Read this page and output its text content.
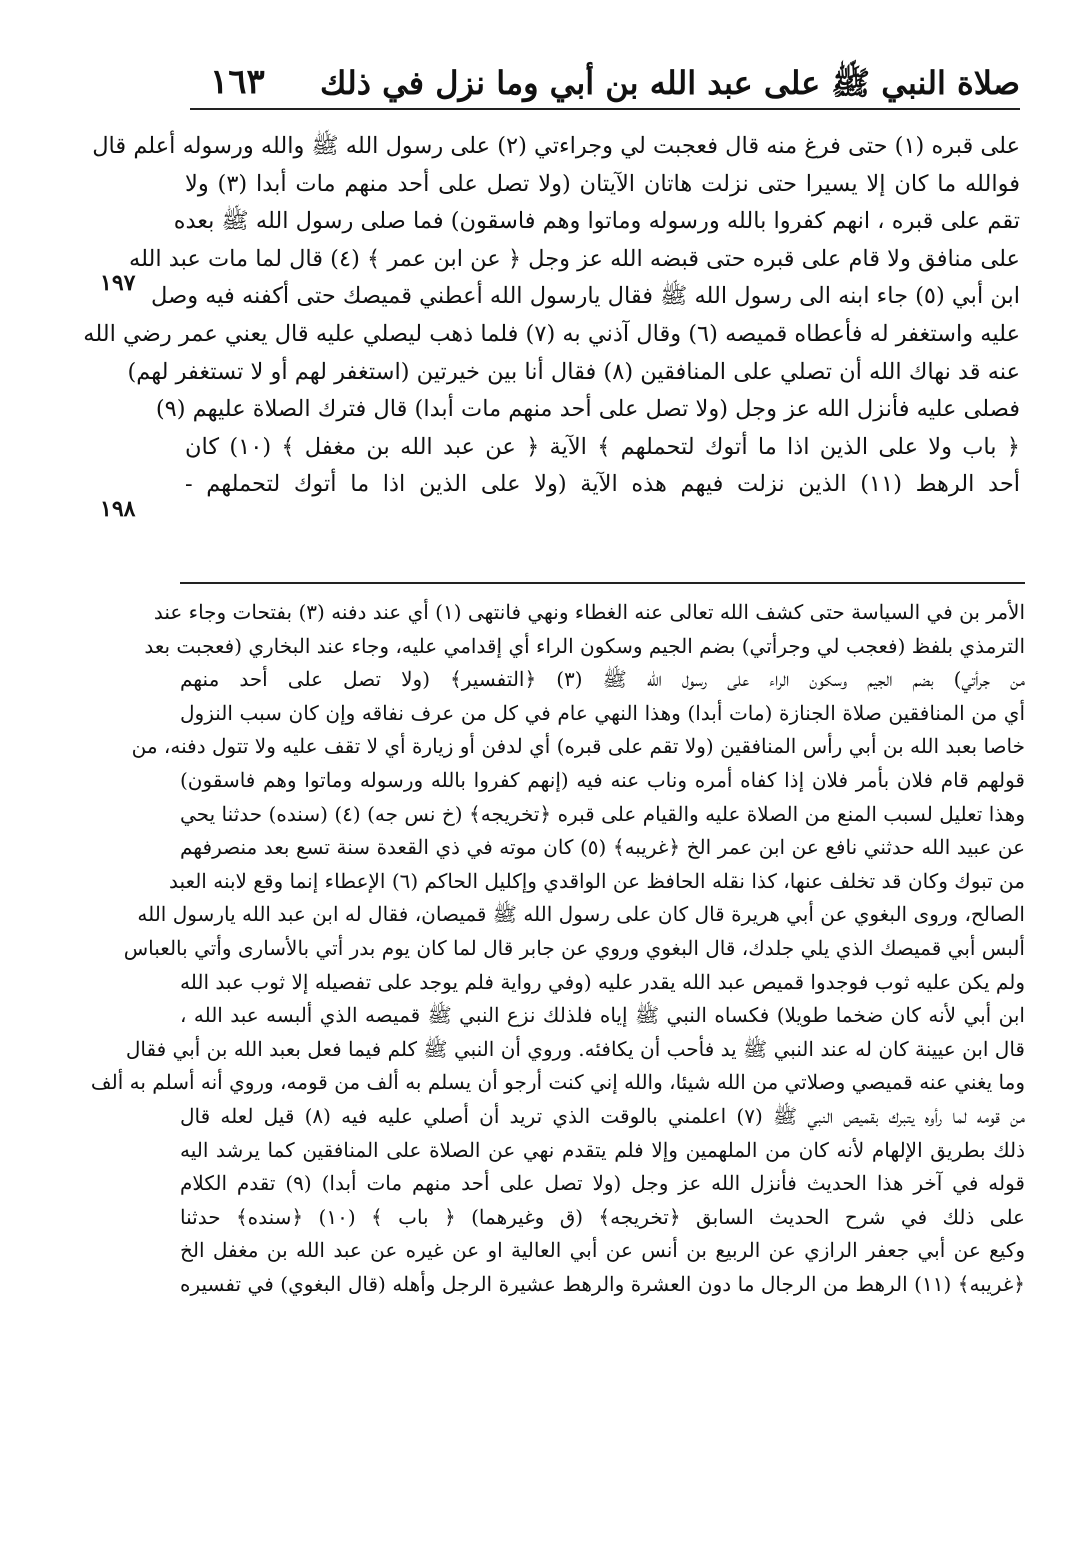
صلاة النبي ﷺ على عبد الله بن أبي وما نزل في ذلك
١٦٣
على قبره (١) حتى فرغ منه قال فعجبت لي وجراءتي (٢) على رسول الله ﷺ والله ورسوله أعلم قال
فوالله ما كان إلا يسيرا حتى نزلت هاتان الآيتان (ولا تصل على أحد منهم مات أبدا (٣) ولا
تقم على قبره ، انهم كفروا بالله ورسوله وماتوا وهم فاسقون) فما صلى رسول الله ﷺ بعده
على منافق ولا قام على قبره حتى قبضه الله عز وجل ﴿ عن ابن عمر ﴾ (٤) قال لما مات عبد الله
ابن أبي (٥) جاء ابنه الى رسول الله ﷺ فقال يارسول الله أعطني قميصك حتى أكفنه فيه وصل
عليه واستغفر له فأعطاه قميصه (٦) وقال آذني به (٧) فلما ذهب ليصلي عليه قال يعني عمر رضي الله
عنه قد نهاك الله أن تصلي على المنافقين (٨) فقال أنا بين خيرتين (استغفر لهم أو لا تستغفر لهم)
فصلى عليه فأنزل الله عز وجل (ولا تصل على أحد منهم مات أبدا) قال فترك الصلاة عليهم (٩)
﴿ باب ولا على الذين اذا ما أتوك لتحملهم ﴾ الآية ﴿ عن عبد الله بن مغفل ﴾ (١٠) كان
أحد الرهط (١١) الذين نزلت فيهم هذه الآية (ولا على الذين اذا ما أتوك لتحملهم -
١٩٧
١٩٨
الأمر بن في السياسة حتى كشف الله تعالى عنه الغطاء ونهي فانتهى (١) أي عند دفنه (٣) بفتحات وجاء عند
الترمذي بلفظ (فعجب لي وجرأتي) بضم الجيم وسكون الراء أي إقدامي عليه، وجاء عند البخاري (فعجبت بعد
من جرأتي) بضم الجيم وسكون الراء على رسول الله ﷺ (٣) ﴿التفسير﴾ (ولا تصل على أحد منهم
أي من المنافقين صلاة الجنازة (مات أبدا) وهذا النهي عام في كل من عرف نفاقه وإن كان سبب النزول
خاصا بعبد الله بن أبي رأس المنافقين (ولا تقم على قبره) أي لدفن أو زيارة أي لا تقف عليه ولا تتول دفنه، من
قولهم قام فلان بأمر فلان إذا كفاه أمره وناب عنه فيه (إنهم كفروا بالله ورسوله وماتوا وهم فاسقون)
وهذا تعليل لسبب المنع من الصلاة عليه والقيام على قبره ﴿تخريجه﴾ (خ نس جه) (٤) (سنده) حدثنا يحي
عن عبيد الله حدثني نافع عن ابن عمر الخ ﴿غريبه﴾ (٥) كان موته في ذي القعدة سنة تسع بعد منصرفهم
من تبوك وكان قد تخلف عنها، كذا نقله الحافظ عن الواقدي وإكليل الحاكم (٦) الإعطاء إنما وقع لابنه العبد
الصالح، وروى البغوي عن أبي هريرة قال كان على رسول الله ﷺ قميصان، فقال له ابن عبد الله يارسول الله
ألبس أبي قميصك الذي يلي جلدك، قال البغوي وروي عن جابر قال لما كان يوم بدر أتي بالأسارى وأتي بالعباس
ولم يكن عليه ثوب فوجدوا قميص عبد الله يقدر عليه (وفي رواية فلم يوجد على تفصيله إلا ثوب عبد الله
ابن أبي لأنه كان ضخما طويلا) فكساه النبي ﷺ إياه فلذلك نزع النبي ﷺ قميصه الذي ألبسه عبد الله ،
قال ابن عيينة كان له عند النبي ﷺ يد فأحب أن يكافئه. وروي أن النبي ﷺ كلم فيما فعل بعبد الله بن أبي فقال
وما يغني عنه قميصي وصلاتي من الله شيئا، والله إني كنت أرجو أن يسلم به ألف من قومه، وروي أنه أسلم به ألف
من قومه لما رأوه يتبرك بقميص النبي ﷺ (٧) اعلمني بالوقت الذي تريد أن أصلي عليه فيه (٨) قيل لعله قال
ذلك بطريق الإلهام لأنه كان من الملهمين وإلا فلم يتقدم نهي عن الصلاة على المنافقين كما يرشد اليه
قوله في آخر هذا الحديث فأنزل الله عز وجل (ولا تصل على أحد منهم مات أبدا) (٩) تقدم الكلام
على ذلك في شرح الحديث السابق ﴿تخريجه﴾ (ق وغيرهما) ﴿ باب ﴾ (١٠) ﴿سنده﴾ حدثنا
وكيع عن أبي جعفر الرازي عن الربيع بن أنس عن أبي العالية او عن غيره عن عبد الله بن مغفل الخ
﴿غريبه﴾ (١١) الرهط من الرجال ما دون العشرة والرهط عشيرة الرجل وأهله (قال البغوي) في تفسيره
